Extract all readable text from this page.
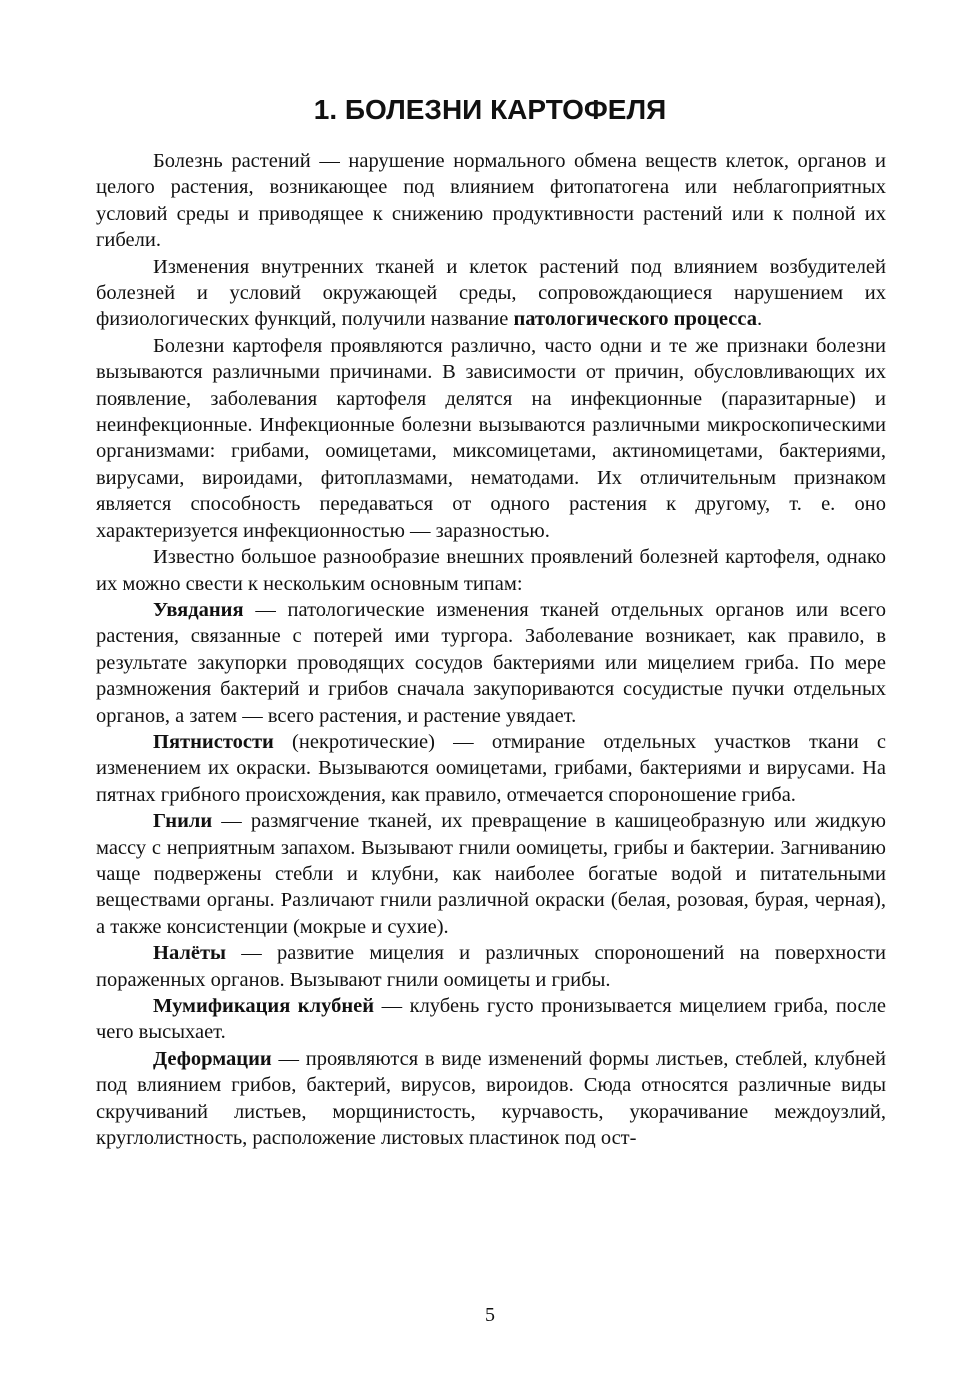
1. БОЛЕЗНИ КАРТОФЕЛЯ

Болезнь растений — нарушение нормального обмена веществ клеток, органов и целого растения, возникающее под влиянием фитопатогена или неблагоприятных условий среды и приводящее к снижению продуктивности растений или к полной их гибели.

Изменения внутренних тканей и клеток растений под влиянием возбудителей болезней и условий окружающей среды, сопровождающиеся нарушением их физиологических функций, получили название патологического процесса.

Болезни картофеля проявляются различно, часто одни и те же признаки болезни вызываются различными причинами. В зависимости от причин, обусловливающих их появление, заболевания картофеля делятся на инфекционные (паразитарные) и неинфекционные. Инфекционные болезни вызываются различными микроскопическими организмами: грибами, оомицетами, миксомицетами, актиномицетами, бактериями, вирусами, вироидами, фитоплазмами, нематодами. Их отличительным признаком является способность передаваться от одного растения к другому, т. е. оно характеризуется инфекционностью — заразностью.

Известно большое разнообразие внешних проявлений болезней картофеля, однако их можно свести к нескольким основным типам:

Увядания — патологические изменения тканей отдельных органов или всего растения, связанные с потерей ими тургора. Заболевание возникает, как правило, в результате закупорки проводящих сосудов бактериями или мицелием гриба. По мере размножения бактерий и грибов сначала закупориваются сосудистые пучки отдельных органов, а затем — всего растения, и растение увядает.

Пятнистости (некротические) — отмирание отдельных участков ткани с изменением их окраски. Вызываются оомицетами, грибами, бактериями и вирусами. На пятнах грибного происхождения, как правило, отмечается спороношение гриба.

Гнили — размягчение тканей, их превращение в кашицеобразную или жидкую массу с неприятным запахом. Вызывают гнили оомицеты, грибы и бактерии. Загниванию чаще подвержены стебли и клубни, как наиболее богатые водой и питательными веществами органы. Различают гнили различной окраски (белая, розовая, бурая, черная), а также консистенции (мокрые и сухие).

Налёты — развитие мицелия и различных спороношений на поверхности пораженных органов. Вызывают гнили оомицеты и грибы.

Мумификация клубней — клубень густо пронизывается мицелием гриба, после чего высыхает.

Деформации — проявляются в виде изменений формы листьев, стеблей, клубней под влиянием грибов, бактерий, вирусов, вироидов. Сюда относятся различные виды скручиваний листьев, морщинистость, курчавость, укорачивание междоузлий, круглолистность, расположение листовых пластинок под ост-

5
